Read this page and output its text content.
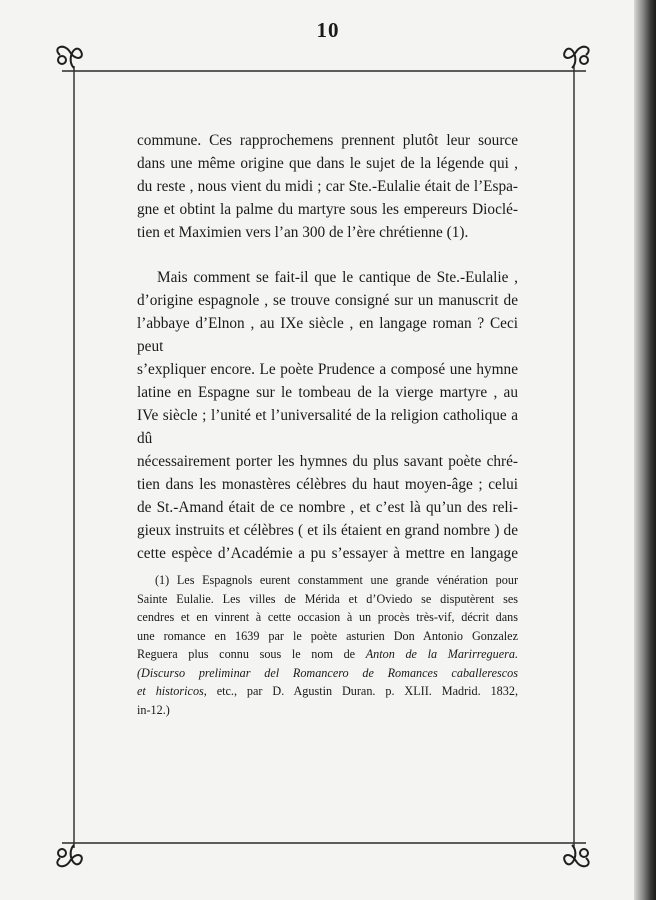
10

commune. Ces rapprochemens prennent plutôt leur source

dans une même origine que dans le sujet de la légende qui ,

du reste , nous vient du midi ; car Ste.-Eulalie était de l’Espa-

gne et obtint la palme du martyre sous les empereurs Dioclé-

tien et Maximien vers l’an 300 de l’ère chrétienne (1).

Mais comment se fait-il que le cantique de Ste.-Eulalie ,

d’origine espagnole , se trouve consigné sur un manuscrit de

l’abbaye d’Elnon , au IXe siècle , en langage roman ? Ceci peut

s’expliquer encore. Le poète Prudence a composé une hymne

latine en Espagne sur le tombeau de la vierge martyre , au

IVe siècle ; l’unité et l’universalité de la religion catholique a dû

nécessairement porter les hymnes du plus savant poète chré-

tien dans les monastères célèbres du haut moyen-âge ; celui

de St.-Amand était de ce nombre , et c’est là qu’un des reli-

gieux instruits et célèbres ( et ils étaient en grand nombre ) de

cette espèce d’Académie a pu s’essayer à mettre en langage

(1) Les Espagnols eurent constamment une grande vénération pour

Sainte Eulalie. Les villes de Mérida et d’Oviedo se disputèrent ses

cendres et en vinrent à cette occasion à un procès très-vif, décrit dans

une romance en 1639 par le poète asturien Don Antonio Gonzalez

Reguera plus connu sous le nom de Anton de la Marirreguera.

(Discurso preliminar del Romancero de Romances caballerescos

et historicos, etc., par D. Agustin Duran. p. XLII. Madrid. 1832,

in-12.)
